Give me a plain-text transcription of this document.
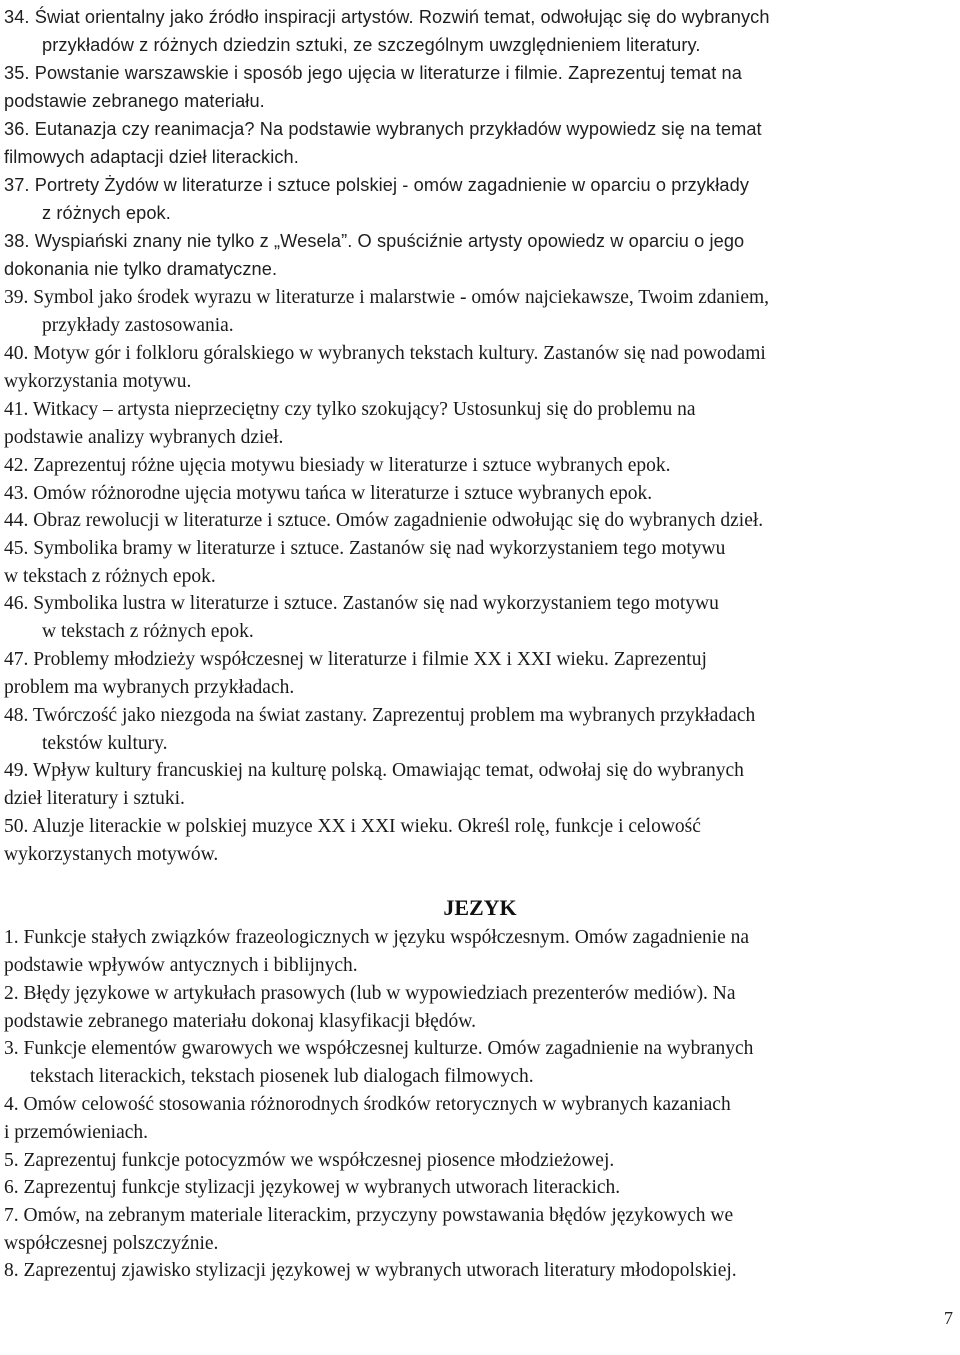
34. Świat orientalny jako źródło inspiracji artystów. Rozwiń temat, odwołując się do wybranych
przykładów z różnych dziedzin sztuki, ze szczególnym uwzględnieniem literatury.

35. Powstanie warszawskie i sposób jego ujęcia w literaturze i filmie. Zaprezentuj temat na
podstawie zebranego materiału.

36. Eutanazja czy reanimacja? Na podstawie wybranych przykładów wypowiedz się na temat
filmowych adaptacji dzieł literackich.

37. Portrety Żydów w literaturze i sztuce polskiej - omów zagadnienie w oparciu o przykłady
z różnych epok.

38. Wyspiański znany nie tylko z „Wesela”. O spuściźnie artysty opowiedz w oparciu o jego
dokonania nie tylko dramatyczne.

39. Symbol jako środek wyrazu w literaturze i malarstwie - omów najciekawsze, Twoim zdaniem,
przykłady zastosowania.

40. Motyw gór i folkloru góralskiego w wybranych tekstach kultury. Zastanów się nad powodami
wykorzystania motywu.

41. Witkacy – artysta nieprzeciętny czy tylko szokujący? Ustosunkuj się do problemu na
podstawie analizy wybranych dzieł.

42. Zaprezentuj różne ujęcia motywu biesiady w literaturze i sztuce wybranych epok.

43. Omów różnorodne ujęcia motywu tańca w literaturze i sztuce wybranych epok.

44. Obraz rewolucji w literaturze i sztuce. Omów zagadnienie odwołując się do wybranych dzieł.

45. Symbolika bramy w literaturze i sztuce. Zastanów się nad wykorzystaniem tego motywu
w tekstach z różnych epok.

46. Symbolika lustra w literaturze i sztuce. Zastanów się nad wykorzystaniem tego motywu
w tekstach z różnych epok.

47. Problemy młodzieży współczesnej w literaturze i filmie XX i XXI wieku. Zaprezentuj
problem ma wybranych przykładach.

48. Twórczość jako niezgoda na świat zastany. Zaprezentuj problem ma wybranych przykładach
tekstów kultury.

49. Wpływ kultury francuskiej na kulturę polską. Omawiając temat, odwołaj się do wybranych
dzieł literatury i sztuki.

50. Aluzje literackie w polskiej muzyce XX i XXI wieku. Określ rolę, funkcje i celowość
wykorzystanych motywów.

JEZYK

1. Funkcje stałych związków frazeologicznych w języku współczesnym. Omów zagadnienie na
podstawie wpływów antycznych i biblijnych.

2. Błędy językowe w artykułach prasowych (lub w wypowiedziach prezenterów mediów). Na
podstawie zebranego materiału dokonaj klasyfikacji błędów.

3. Funkcje elementów gwarowych we współczesnej kulturze. Omów zagadnienie na wybranych
tekstach literackich, tekstach piosenek lub dialogach filmowych.

4. Omów celowość stosowania różnorodnych środków retorycznych w wybranych kazaniach
i przemówieniach.

5. Zaprezentuj funkcje potocyzmów we współczesnej piosence młodzieżowej.

6. Zaprezentuj funkcje stylizacji językowej w wybranych utworach literackich.

7. Omów, na zebranym materiale literackim, przyczyny powstawania błędów językowych we
współczesnej polszczyźnie.

8. Zaprezentuj zjawisko stylizacji językowej w wybranych utworach literatury młodopolskiej.

7
